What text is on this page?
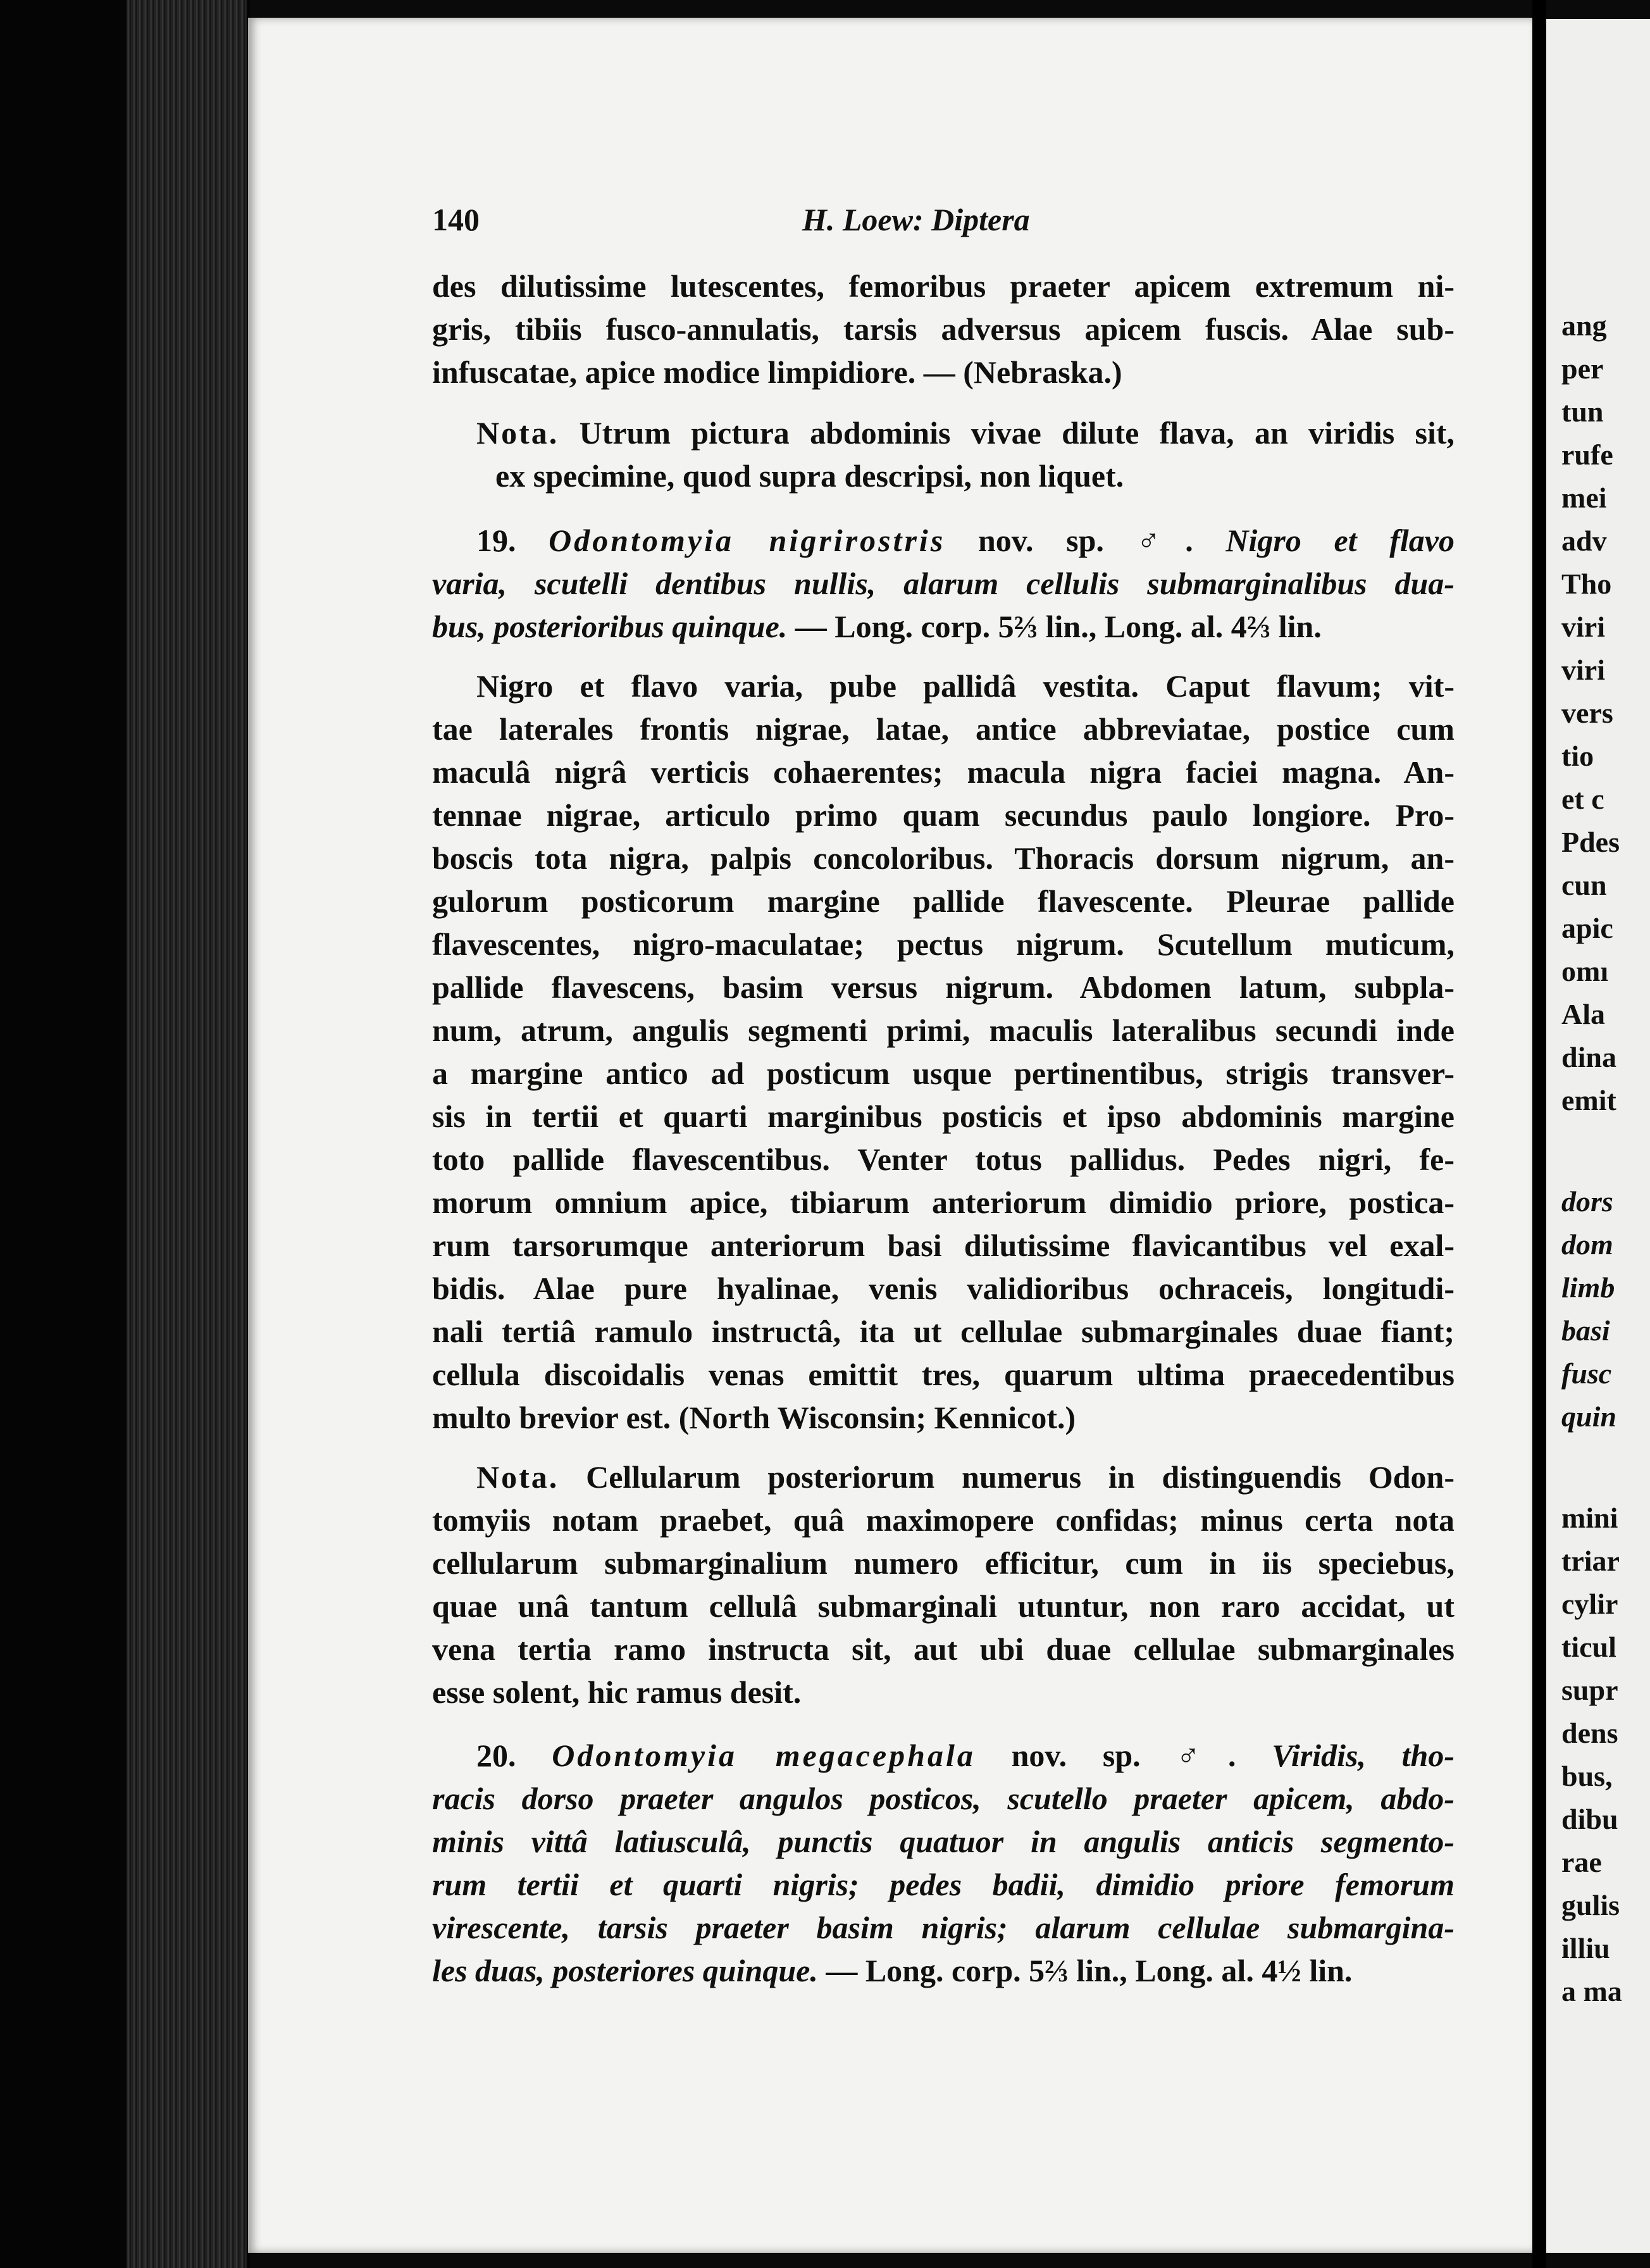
ang
per
tun
rufe
mei
adv
Tho
viri
viri
vers
tio
et c
Pdes
cun
apic
omı
Ala
dina
emit
dors
dom
limb
basi
fusc
quin
mini
triar
cylir
ticul
supr
dens
bus,
dibu
rae
gulis
illiu
a ma
140	H. Loew: Diptera
des dilutissime lutescentes, femoribus praeter apicem extremum ni-
gris, tibiis fusco-annulatis, tarsis adversus apicem fuscis. Alae sub-
infuscatae, apice modice limpidiore. — (Nebraska.)
Nota. Utrum pictura abdominis vivae dilute flava, an viridis sit,
ex specimine, quod supra descripsi, non liquet.
19. Odontomyia nigrirostris nov. sp. ♂. Nigro et flavo
varia, scutelli dentibus nullis, alarum cellulis submarginalibus dua-
bus, posterioribus quinque. — Long. corp. 5⅔ lin., Long. al. 4⅔ lin.
Nigro et flavo varia, pube pallidâ vestita. Caput flavum; vit-
tae laterales frontis nigrae, latae, antice abbreviatae, postice cum
maculâ nigrâ verticis cohaerentes; macula nigra faciei magna. An-
tennae nigrae, articulo primo quam secundus paulo longiore. Pro-
boscis tota nigra, palpis concoloribus. Thoracis dorsum nigrum, an-
gulorum posticorum margine pallide flavescente. Pleurae pallide
flavescentes, nigro-maculatae; pectus nigrum. Scutellum muticum,
pallide flavescens, basim versus nigrum. Abdomen latum, subpla-
num, atrum, angulis segmenti primi, maculis lateralibus secundi inde
a margine antico ad posticum usque pertinentibus, strigis transver-
sis in tertii et quarti marginibus posticis et ipso abdominis margine
toto pallide flavescentibus. Venter totus pallidus. Pedes nigri, fe-
morum omnium apice, tibiarum anteriorum dimidio priore, postica-
rum tarsorumque anteriorum basi dilutissime flavicantibus vel exal-
bidis. Alae pure hyalinae, venis validioribus ochraceis, longitudi-
nali tertiâ ramulo instructâ, ita ut cellulae submarginales duae fiant;
cellula discoidalis venas emittit tres, quarum ultima praecedentibus
multo brevior est. (North Wisconsin; Kennicot.)
Nota. Cellularum posteriorum numerus in distinguendis Odon-
tomyiis notam praebet, quâ maximopere confidas; minus certa nota
cellularum submarginalium numero efficitur, cum in iis speciebus,
quae unâ tantum cellulâ submarginali utuntur, non raro accidat, ut
vena tertia ramo instructa sit, aut ubi duae cellulae submarginales
esse solent, hic ramus desit.
20. Odontomyia megacephala nov. sp. ♂. Viridis, tho-
racis dorso praeter angulos posticos, scutello praeter apicem, abdo-
minis vittâ latiusculâ, punctis quatuor in angulis anticis segmento-
rum tertii et quarti nigris; pedes badii, dimidio priore femorum
virescente, tarsis praeter basim nigris; alarum cellulae submargina-
les duas, posteriores quinque. — Long. corp. 5⅔ lin., Long. al. 4½ lin.
